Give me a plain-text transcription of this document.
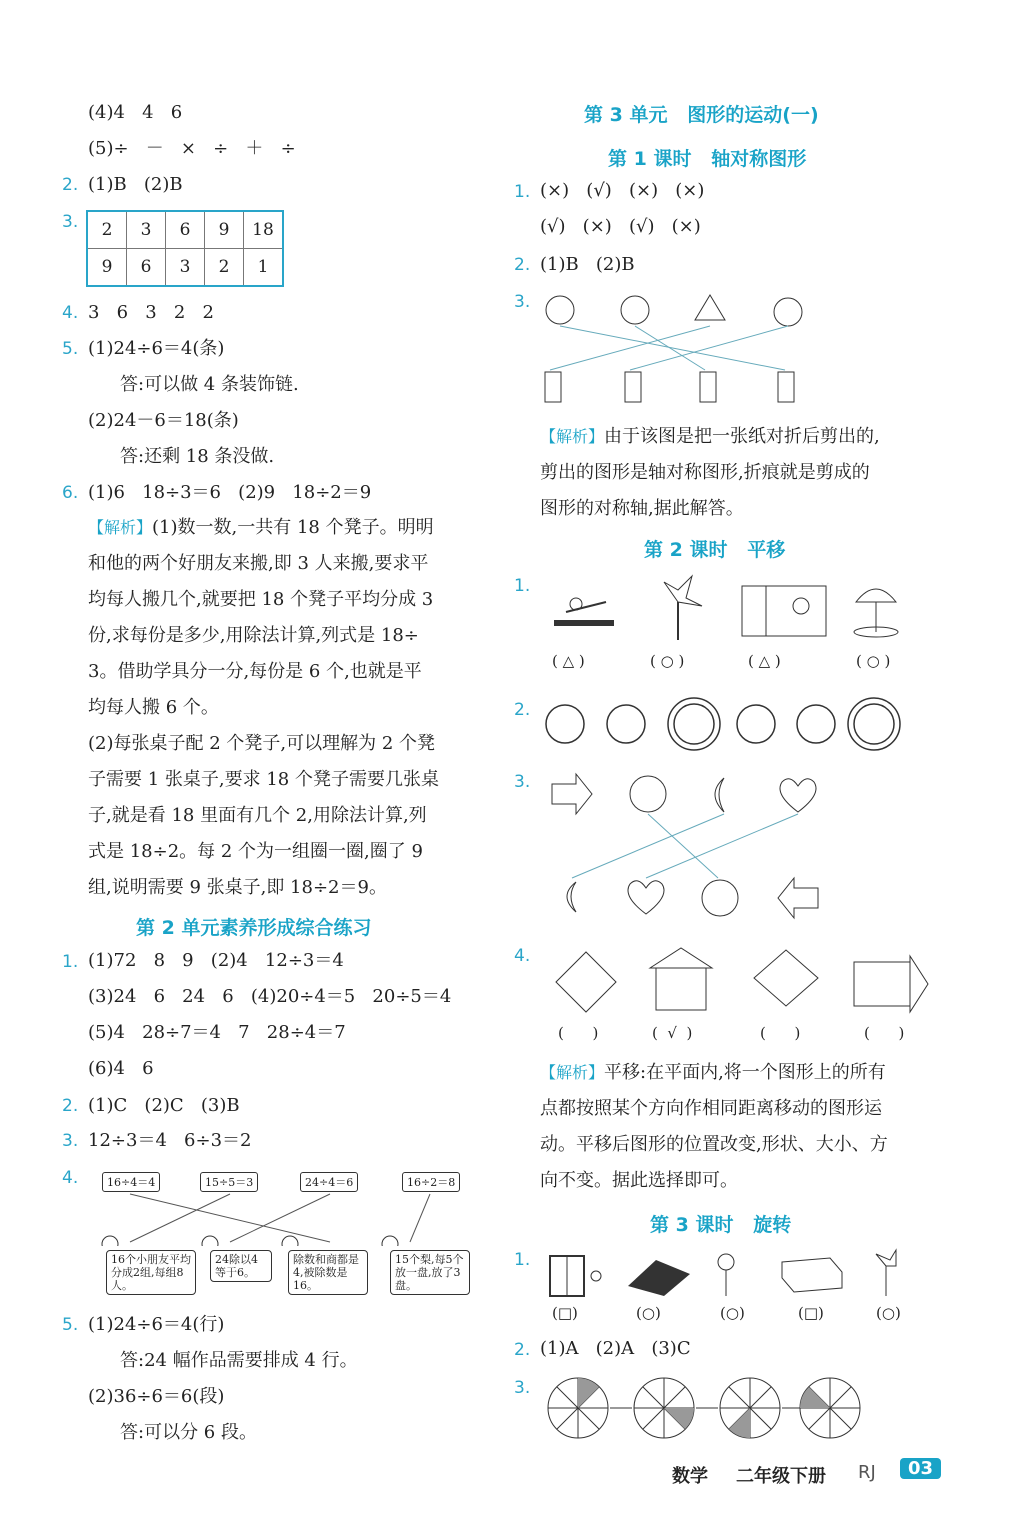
(4)4   4   6
(5)÷   －   ×   ÷   ＋   ÷
2. (1)B   (2)B
3. 2	3	6	9	18
9	6	3	2	1
4. 3   6   3   2   2
5. (1)24÷6＝4(条)
答:可以做 4 条装饰链.
(2)24－6＝18(条)
答:还剩 18 条没做.
6. (1)6   18÷3＝6   (2)9   18÷2＝9
【解析】(1)数一数,一共有 18 个凳子。明明
和他的两个好朋友来搬,即 3 人来搬,要求平
均每人搬几个,就要把 18 个凳子平均分成 3
份,求每份是多少,用除法计算,列式是 18÷
3。借助学具分一分,每份是 6 个,也就是平
均每人搬 6 个。
(2)每张桌子配 2 个凳子,可以理解为 2 个凳
子需要 1 张桌子,要求 18 个凳子需要几张桌
子,就是看 18 里面有几个 2,用除法计算,列
式是 18÷2。每 2 个为一组圈一圈,圈了 9
组,说明需要 9 张桌子,即 18÷2＝9。
第 2 单元素养形成综合练习
1. (1)72   8   9   (2)4   12÷3＝4
(3)24   6   24   6   (4)20÷4＝5   20÷5＝4
(5)4   28÷7＝4   7   28÷4＝7
(6)4   6
2. (1)C   (2)C   (3)B
3. 12÷3＝4   6÷3＝2
4.	16÷4＝4	15÷5＝3	24÷4＝6	16÷2＝8
16个小朋友平均分成2组,每组8人。
24除以4等于6。
除数和商都是4,被除数是16。
15个梨,每5个放一盘,放了3盘。
5. (1)24÷6＝4(行)
答:24 幅作品需要排成 4 行。
(2)36÷6＝6(段)
答:可以分 6 段。
第 3 单元   图形的运动(一)
第 1 课时   轴对称图形
1. (×)   (√)   (×)   (×)
(√)   (×)   (√)   (×)
2. (1)B   (2)B
3.
【解析】由于该图是把一张纸对折后剪出的,
剪出的图形是轴对称图形,折痕就是剪成的
图形的对称轴,据此解答。
第 2 课时   平移
1.
( △ )	( ○ )	( △ )	( ○ )
2.
3.
4.
(      )	(  √  )	(      )	(      )
【解析】平移:在平面内,将一个图形上的所有
点都按照某个方向作相同距离移动的图形运
动。平移后图形的位置改变,形状、大小、方
向不变。据此选择即可。
第 3 课时   旋转
1.
(□)	(○)	(○)	(□)	(○)
2. (1)A   (2)A   (3)C
3.
数学 二年级下册 RJ	03
